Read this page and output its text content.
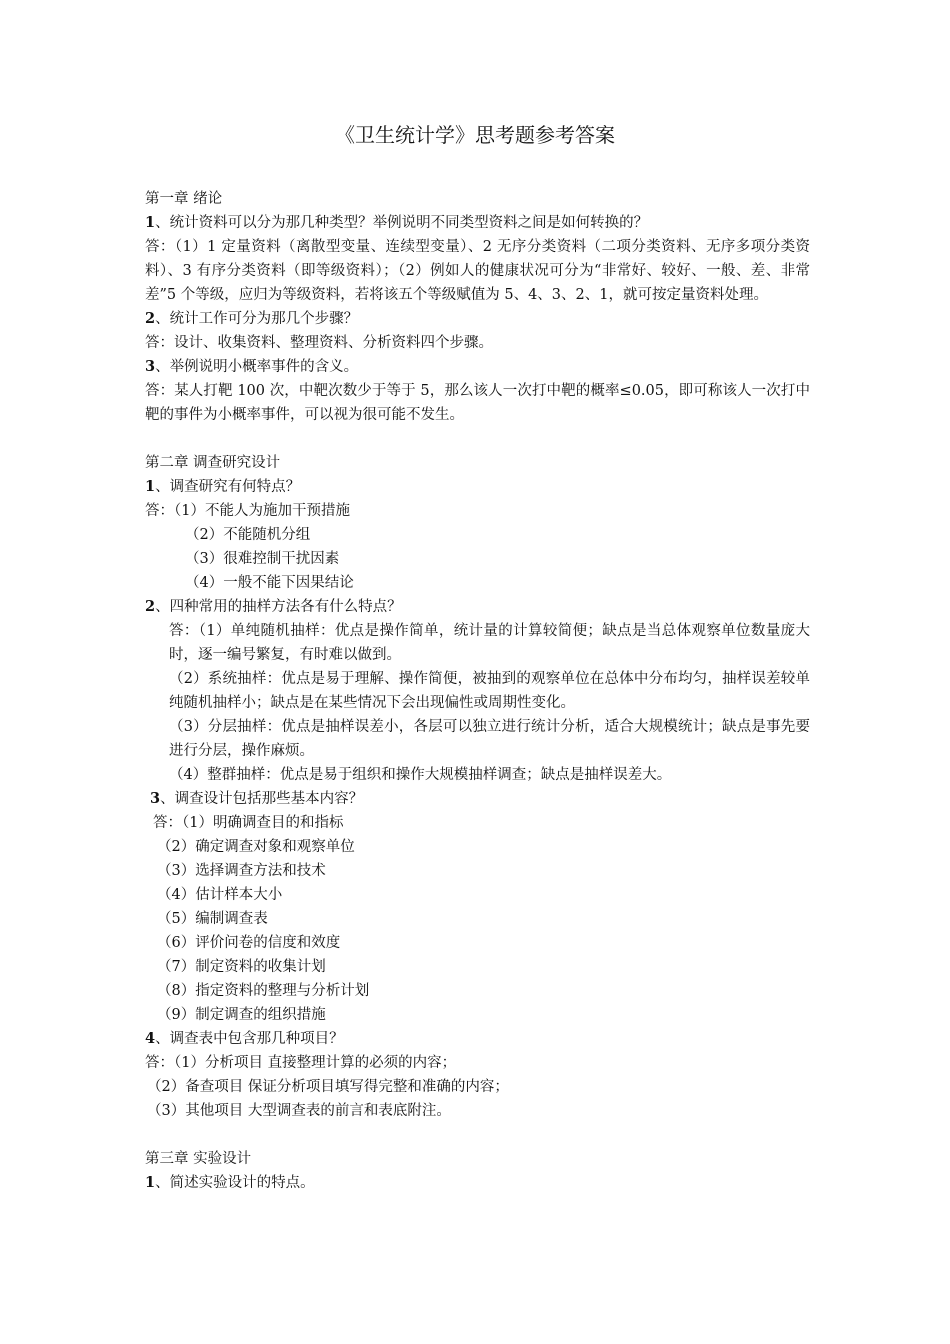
《卫生统计学》思考题参考答案
第一章 绪论
1、统计资料可以分为那几种类型？举例说明不同类型资料之间是如何转换的？
答：（1）1 定量资料（离散型变量、连续型变量）、2 无序分类资料（二项分类资料、无序多项分类资料）、3 有序分类资料（即等级资料）；（2）例如人的健康状况可分为“非常好、较好、一般、差、非常差”5 个等级，应归为等级资料，若将该五个等级赋值为 5、4、3、2、1，就可按定量资料处理。
2、统计工作可分为那几个步骤？
答：设计、收集资料、整理资料、分析资料四个步骤。
3、举例说明小概率事件的含义。
答：某人打靶 100 次，中靶次数少于等于 5，那么该人一次打中靶的概率≤0.05，即可称该人一次打中靶的事件为小概率事件，可以视为很可能不发生。
第二章 调查研究设计
1、调查研究有何特点？
答：（1）不能人为施加干预措施
（2）不能随机分组
（3）很难控制干扰因素
（4）一般不能下因果结论
2、四种常用的抽样方法各有什么特点？
答：（1）单纯随机抽样：优点是操作简单，统计量的计算较简便；缺点是当总体观察单位数量庞大时，逐一编号繁复，有时难以做到。
（2）系统抽样：优点是易于理解、操作简便，被抽到的观察单位在总体中分布均匀，抽样误差较单纯随机抽样小；缺点是在某些情况下会出现偏性或周期性变化。
（3）分层抽样：优点是抽样误差小，各层可以独立进行统计分析，适合大规模统计；缺点是事先要进行分层，操作麻烦。
（4）整群抽样：优点是易于组织和操作大规模抽样调查；缺点是抽样误差大。
3、调查设计包括那些基本内容？
答：（1）明确调查目的和指标
（2）确定调查对象和观察单位
（3）选择调查方法和技术
（4）估计样本大小
（5）编制调查表
（6）评价问卷的信度和效度
（7）制定资料的收集计划
（8）指定资料的整理与分析计划
（9）制定调查的组织措施
4、调查表中包含那几种项目？
答：（1）分析项目 直接整理计算的必须的内容；
（2）备查项目 保证分析项目填写得完整和准确的内容；
（3）其他项目 大型调查表的前言和表底附注。
第三章 实验设计
1、简述实验设计的特点。
